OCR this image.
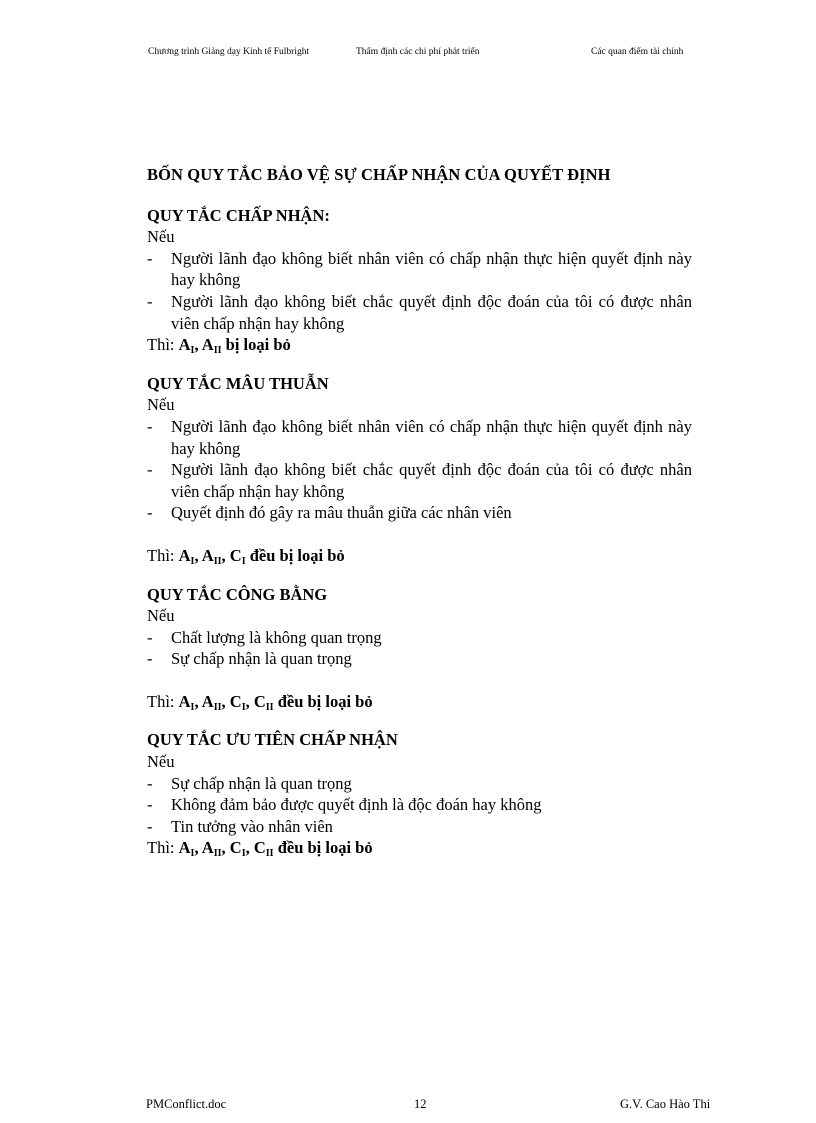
Chương trình Giảng dạy Kinh tế Fulbright	Thẩm định các chi phí phát triển	Các quan điểm tài chính

BỐN QUY TẮC BẢO VỆ SỰ CHẤP NHẬN CỦA QUYẾT ĐỊNH

QUY TẮC CHẤP NHẬN:

Nếu

- Người lãnh đạo không biết nhân viên có chấp nhận thực hiện quyết định này hay không
- Người lãnh đạo không biết chắc quyết định độc đoán của tôi có được nhân viên chấp nhận hay không

Thì: $A_I$, $A_{II}$ bị loại bỏ

QUY TẮC MÂU THUẪN

Nếu

- Người lãnh đạo không biết nhân viên có chấp nhận thực hiện quyết định này hay không
- Người lãnh đạo không biết chắc quyết định độc đoán của tôi có được nhân viên chấp nhận hay không
- Quyết định đó gây ra mâu thuẫn giữa các nhân viên

Thì: $A_I$, $A_{II}$, $C_I$ đều bị loại bỏ

QUY TẮC CÔNG BẰNG

Nếu

- Chất lượng là không quan trọng
- Sự chấp nhận là quan trọng

Thì: $A_I$, $A_{II}$, $C_I$, $C_{II}$ đều bị loại bỏ

QUY TẮC ƯU TIÊN CHẤP NHẬN

Nếu

- Sự chấp nhận là quan trọng
- Không đảm bảo được quyết định là độc đoán hay không
- Tin tưởng vào nhân viên

Thì: $A_I$, $A_{II}$, $C_I$, $C_{II}$ đều bị loại bỏ

PMConflict.doc	12	G.V. Cao Hào Thi
